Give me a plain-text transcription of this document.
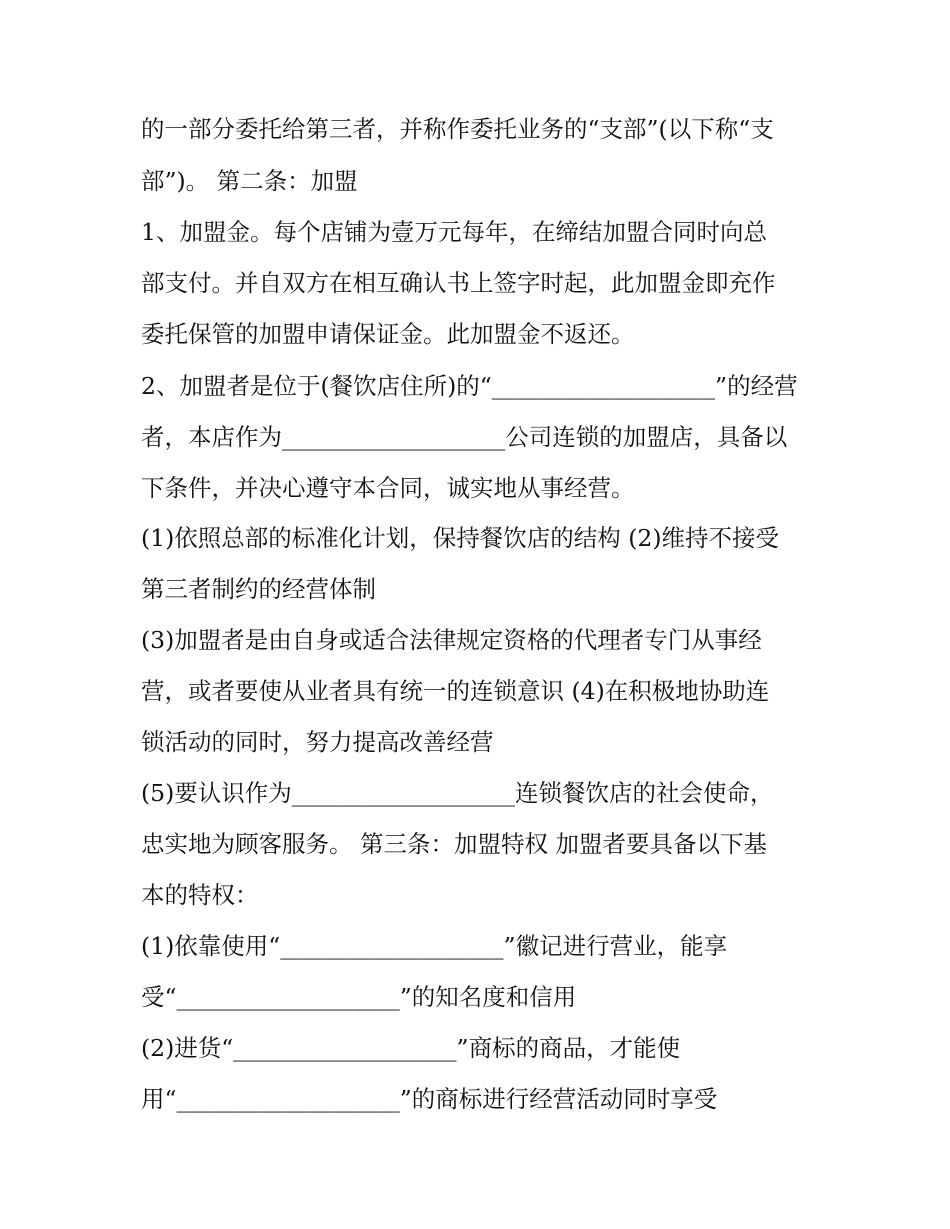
的一部分委托给第三者，并称作委托业务的“支部”(以下称“支
部”)。 第二条：加盟
1、加盟金。每个店铺为壹万元每年，在缔结加盟合同时向总
部支付。并自双方在相互确认书上签字时起，此加盟金即充作
委托保管的加盟申请保证金。此加盟金不返还。
2、加盟者是位于(餐饮店住所)的“___________________”的经营
者，本店作为___________________公司连锁的加盟店，具备以
下条件，并决心遵守本合同，诚实地从事经营。
(1)依照总部的标准化计划，保持餐饮店的结构 (2)维持不接受
第三者制约的经营体制
(3)加盟者是由自身或适合法律规定资格的代理者专门从事经
营，或者要使从业者具有统一的连锁意识 (4)在积极地协助连
锁活动的同时，努力提高改善经营
(5)要认识作为___________________连锁餐饮店的社会使命，
忠实地为顾客服务。 第三条：加盟特权 加盟者要具备以下基
本的特权：
(1)依靠使用“___________________”徽记进行营业，能享
受“___________________”的知名度和信用
(2)进货“___________________”商标的商品，才能使
用“___________________”的商标进行经营活动同时享受
